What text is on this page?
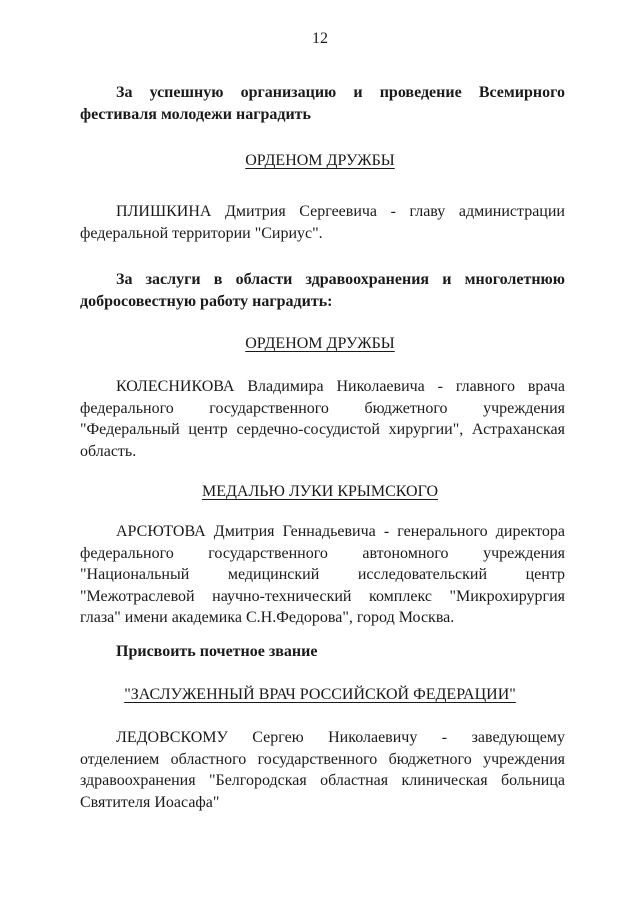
12
За успешную организацию и проведение Всемирного
фестиваля молодежи наградить
ОРДЕНОМ ДРУЖБЫ
ПЛИШКИНА Дмитрия Сергеевича - главу администрации
федеральной территории "Сириус".
За заслуги в области здравоохранения и многолетнюю
добросовестную работу наградить:
ОРДЕНОМ ДРУЖБЫ
КОЛЕСНИКОВА Владимира Николаевича - главного врача
федерального государственного бюджетного учреждения
"Федеральный центр сердечно-сосудистой хирургии", Астраханская
область.
МЕДАЛЬЮ ЛУКИ КРЫМСКОГО
АРСЮТОВА Дмитрия Геннадьевича - генерального директора
федерального государственного автономного учреждения
"Национальный медицинский исследовательский центр
"Межотраслевой научно-технический комплекс "Микрохирургия
глаза" имени академика С.Н.Федорова", город Москва.
Присвоить почетное звание
"ЗАСЛУЖЕННЫЙ ВРАЧ РОССИЙСКОЙ ФЕДЕРАЦИИ"
ЛЕДОВСКОМУ Сергею Николаевичу - заведующему
отделением областного государственного бюджетного учреждения
здравоохранения "Белгородская областная клиническая больница
Святителя Иоасафа"
